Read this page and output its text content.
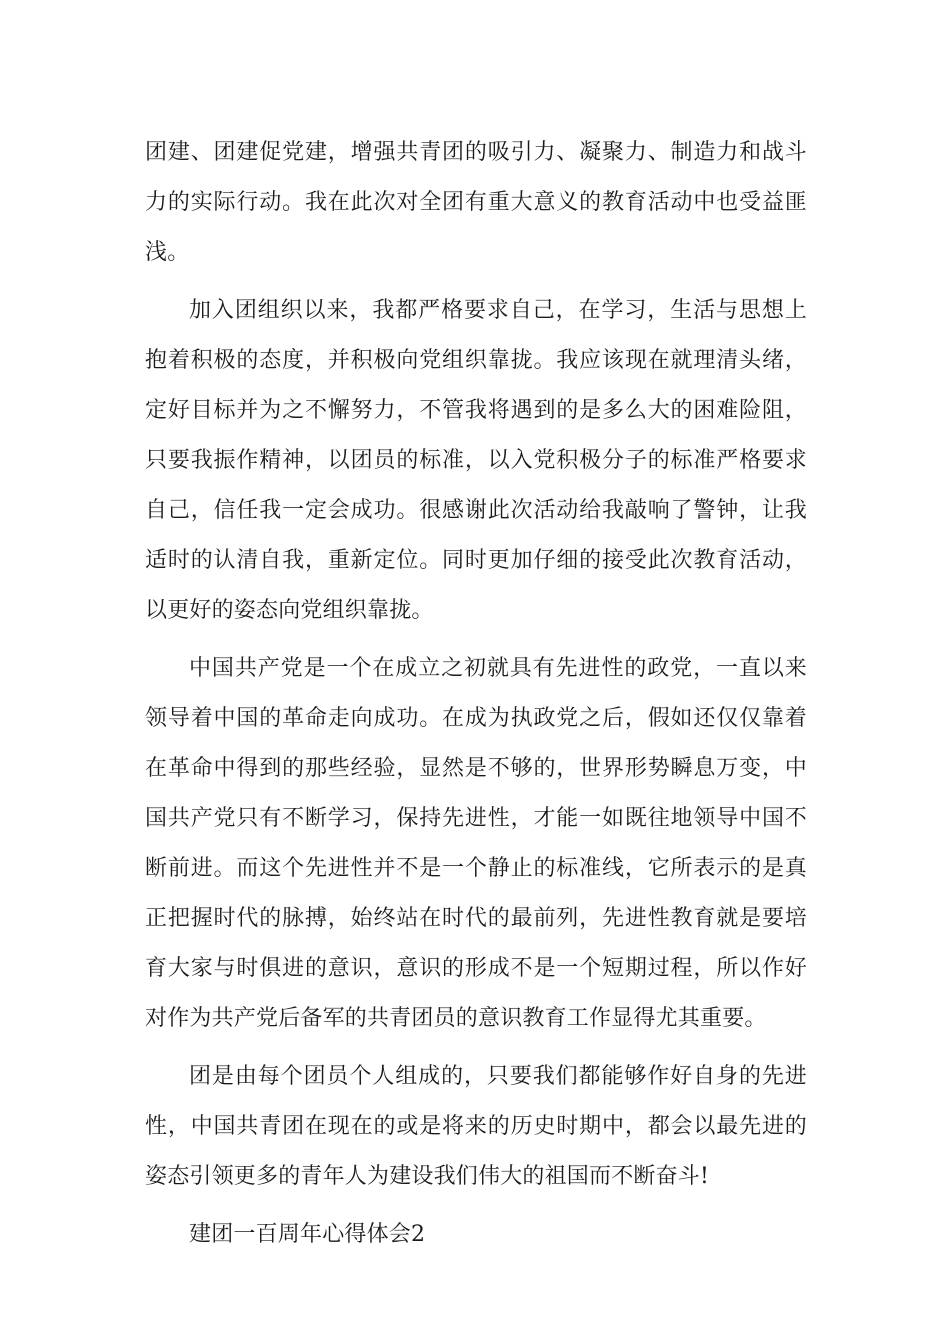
团建、团建促党建，增强共青团的吸引力、凝聚力、制造力和战斗力的实际行动。我在此次对全团有重大意义的教育活动中也受益匪浅。

加入团组织以来，我都严格要求自己，在学习，生活与思想上抱着积极的态度，并积极向党组织靠拢。我应该现在就理清头绪，定好目标并为之不懈努力，不管我将遇到的是多么大的困难险阻，只要我振作精神，以团员的标准，以入党积极分子的标准严格要求自己，信任我一定会成功。很感谢此次活动给我敲响了警钟，让我适时的认清自我，重新定位。同时更加仔细的接受此次教育活动，以更好的姿态向党组织靠拢。

中国共产党是一个在成立之初就具有先进性的政党，一直以来领导着中国的革命走向成功。在成为执政党之后，假如还仅仅靠着在革命中得到的那些经验，显然是不够的，世界形势瞬息万变，中国共产党只有不断学习，保持先进性，才能一如既往地领导中国不断前进。而这个先进性并不是一个静止的标准线，它所表示的是真正把握时代的脉搏，始终站在时代的最前列，先进性教育就是要培育大家与时俱进的意识，意识的形成不是一个短期过程，所以作好对作为共产党后备军的共青团员的意识教育工作显得尤其重要。

团是由每个团员个人组成的，只要我们都能够作好自身的先进性，中国共青团在现在的或是将来的历史时期中，都会以最先进的姿态引领更多的青年人为建设我们伟大的祖国而不断奋斗!

建团一百周年心得体会2
